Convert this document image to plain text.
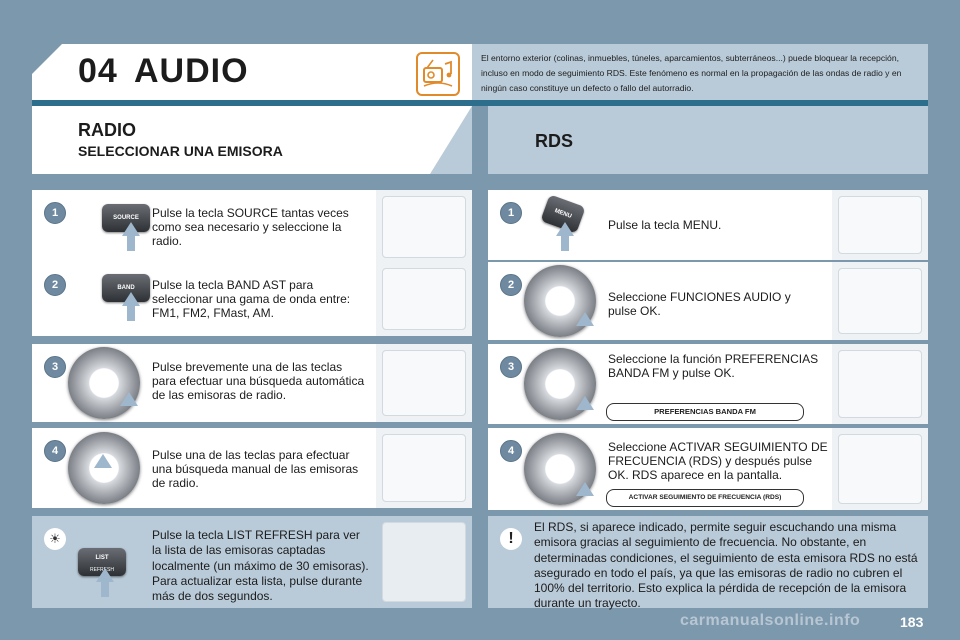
04 AUDIO	El entorno exterior (colinas, inmuebles, túneles, aparcamientos, subterráneos...) puede bloquear la recepción, incluso en modo de seguimiento RDS. Este fenómeno es normal en la propagación de las ondas de radio y en ningún caso constituye un defecto o fallo del autorradio.
RADIO
SELECCIONAR UNA EMISORA	RDS
1	SOURCE	Pulse la tecla SOURCE tantas veces como sea necesario y seleccione la radio.
2	BAND	Pulse la tecla BAND AST para seleccionar una gama de onda entre: FM1, FM2, FMast, AM.
3	Pulse brevemente una de las teclas para efectuar una búsqueda automática de las emisoras de radio.
4	Pulse una de las teclas para efectuar una búsqueda manual de las emisoras de radio.
☀
LIST
REFRESH
Pulse la tecla LIST REFRESH para ver la lista de las emisoras captadas localmente (un máximo de 30 emisoras). Para actualizar esta lista, pulse durante más de dos segundos.
1	MENU
Pulse la tecla MENU.
2
Seleccione FUNCIONES AUDIO y pulse OK.
3
Seleccione la función PREFERENCIAS BANDA FM y pulse OK.
PREFERENCIAS BANDA FM
4	Seleccione ACTIVAR SEGUIMIENTO DE FRECUENCIA (RDS) y después pulse OK. RDS aparece en la pantalla.
ACTIVAR SEGUIMIENTO DE FRECUENCIA (RDS)
!
El RDS, si aparece indicado, permite seguir escuchando una misma emisora gracias al seguimiento de frecuencia. No obstante, en determinadas condiciones, el seguimiento de esta emisora RDS no está asegurado en todo el país, ya que las emisoras de radio no cubren el 100% del territorio. Esto explica la pérdida de recepción de la emisora durante un trayecto.
carmanualsonline.info	183
